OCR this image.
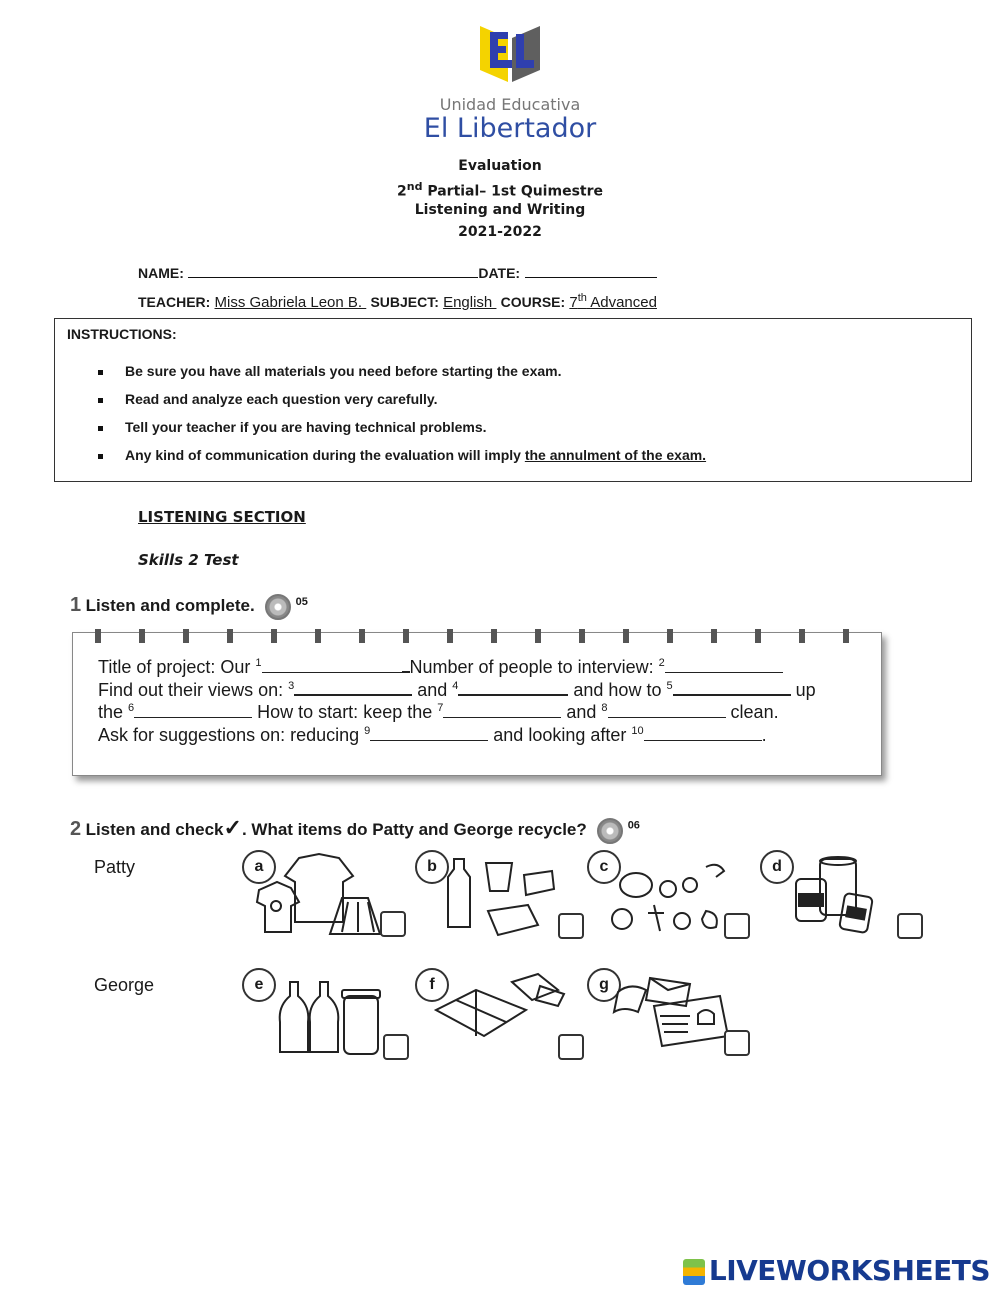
Unidad Educativa
El Libertador
Evaluation
2nd Partial– 1st Quimestre
Listening and Writing
2021-2022
NAME:	DATE:
TEACHER: Miss Gabriela Leon B.  SUBJECT: English  COURSE: 7th Advanced
INSTRUCTIONS:
Be sure you have all materials you need before starting the exam.
Read and analyze each question very carefully.
Tell your teacher if you are having technical problems.
Any kind of communication during the evaluation will imply the annulment of the exam.
LISTENING SECTION
Skills 2 Test
1 Listen and complete.	$^{05}$
Title of project: Our $^1$	Number of people to interview: $^2$
Find out their views on: $^3$	and $^4$	and how to $^5$	up
the $^6$	How to start: keep the $^7$	and $^8$	clean.
Ask for suggestions on: reducing $^9$	and looking after $^{10}$	.
2 Listen and check✓. What items do Patty and George recycle?	$^{06}$
Patty
George
a	b	c	d
e	f	g
LIVEWORKSHEETS
